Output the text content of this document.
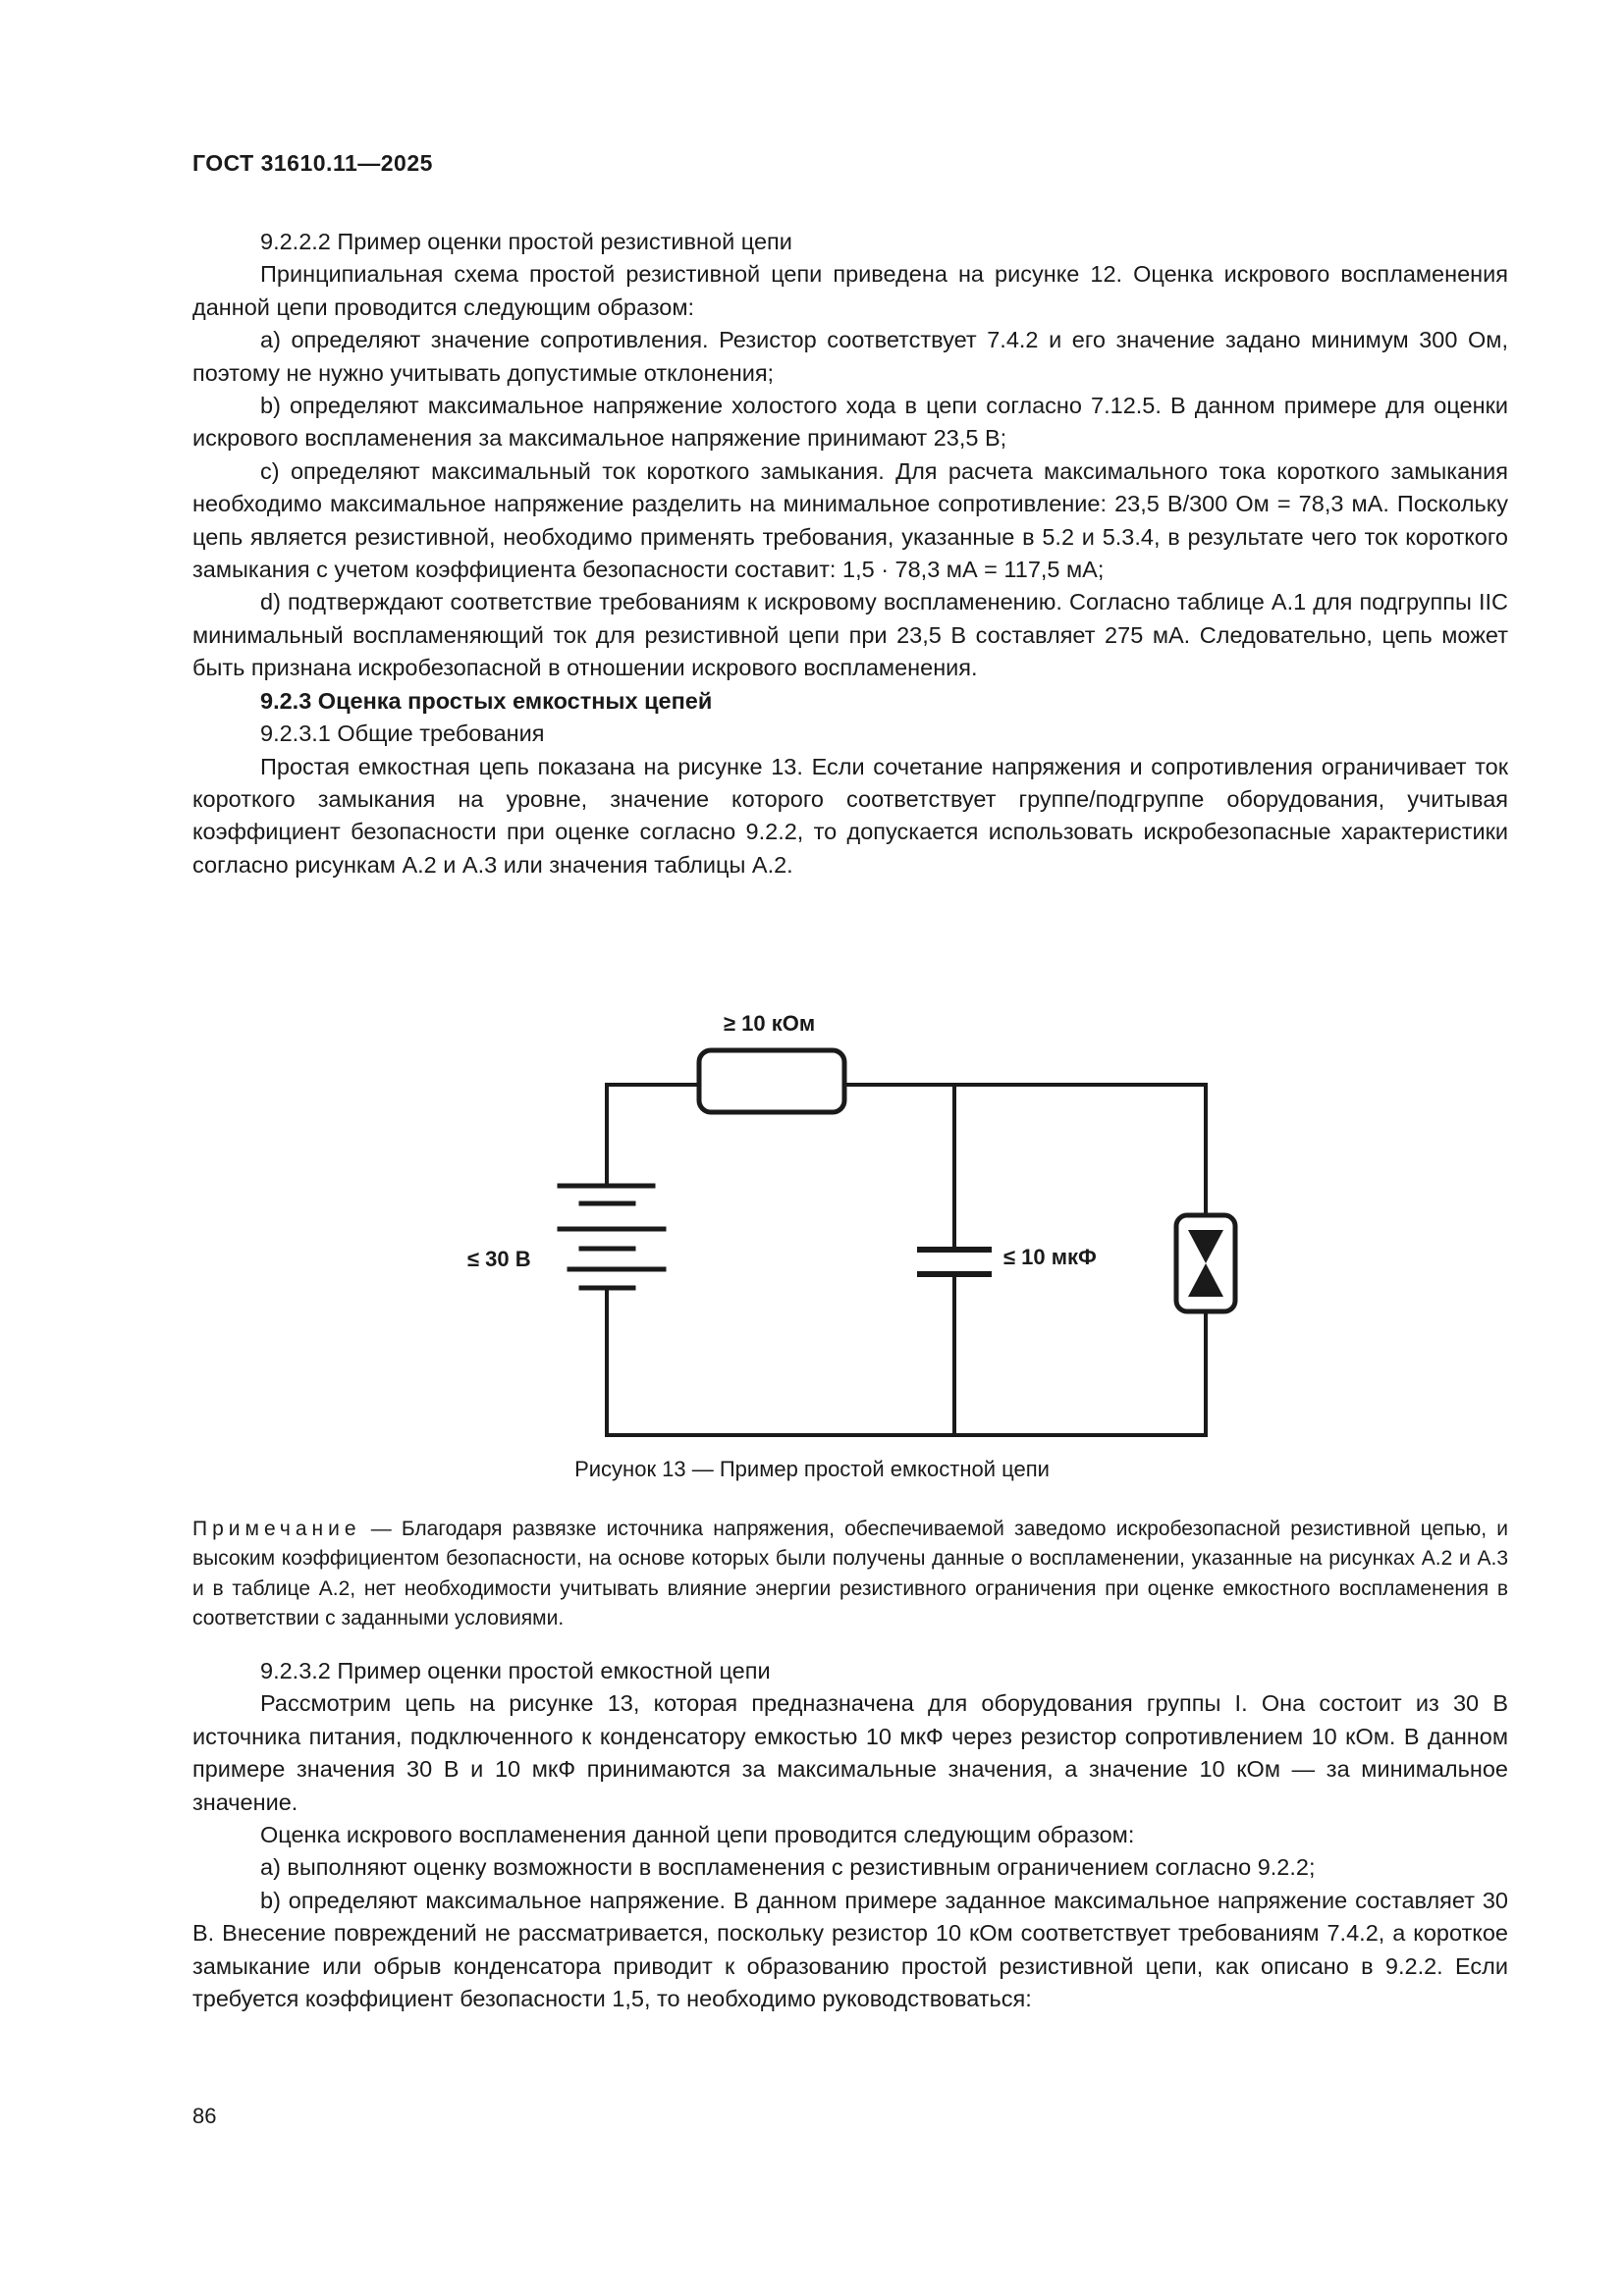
ГОСТ 31610.11—2025

9.2.2.2 Пример оценки простой резистивной цепи

Принципиальная схема простой резистивной цепи приведена на рисунке 12. Оценка искрового воспламенения данной цепи проводится следующим образом:

a) определяют значение сопротивления. Резистор соответствует 7.4.2 и его значение задано минимум 300 Ом, поэтому не нужно учитывать допустимые отклонения;

b) определяют максимальное напряжение холостого хода в цепи согласно 7.12.5. В данном примере для оценки искрового воспламенения за максимальное напряжение принимают 23,5 В;

c) определяют максимальный ток короткого замыкания. Для расчета максимального тока короткого замыкания необходимо максимальное напряжение разделить на минимальное сопротивление: 23,5 В/300 Ом = 78,3 мА. Поскольку цепь является резистивной, необходимо применять требования, указанные в 5.2 и 5.3.4, в результате чего ток короткого замыкания с учетом коэффициента безопасности составит: 1,5 · 78,3 мА = 117,5 мА;

d) подтверждают соответствие требованиям к искровому воспламенению. Согласно таблице А.1 для подгруппы IIC минимальный воспламеняющий ток для резистивной цепи при 23,5 В составляет 275 мА. Следовательно, цепь может быть признана искробезопасной в отношении искрового воспламенения.

9.2.3 Оценка простых емкостных цепей

9.2.3.1 Общие требования

Простая емкостная цепь показана на рисунке 13. Если сочетание напряжения и сопротивления ограничивает ток короткого замыкания на уровне, значение которого соответствует группе/подгруппе оборудования, учитывая коэффициент безопасности при оценке согласно 9.2.2, то допускается использовать искробезопасные характеристики согласно рисункам А.2 и А.3 или значения таблицы А.2.

≥ 10 кОм
≤ 30 В	≤ 10 мкФ
Рисунок 13 — Пример простой емкостной цепи
Примечание — Благодаря развязке источника напряжения, обеспечиваемой заведомо искробезопасной резистивной цепью, и высоким коэффициентом безопасности, на основе которых были получены данные о воспламенении, указанные на рисунках А.2 и А.3 и в таблице А.2, нет необходимости учитывать влияние энергии резистивного ограничения при оценке емкостного воспламенения в соответствии с заданными условиями.

9.2.3.2 Пример оценки простой емкостной цепи

Рассмотрим цепь на рисунке 13, которая предназначена для оборудования группы I. Она состоит из 30 В источника питания, подключенного к конденсатору емкостью 10 мкФ через резистор сопротивлением 10 кОм. В данном примере значения 30 В и 10 мкФ принимаются за максимальные значения, а значение 10 кОм — за минимальное значение.

Оценка искрового воспламенения данной цепи проводится следующим образом:

a) выполняют оценку возможности в воспламенения с резистивным ограничением согласно 9.2.2;

b) определяют максимальное напряжение. В данном примере заданное максимальное напряжение составляет 30 В. Внесение повреждений не рассматривается, поскольку резистор 10 кОм соответствует требованиям 7.4.2, а короткое замыкание или обрыв конденсатора приводит к образованию простой резистивной цепи, как описано в 9.2.2. Если требуется коэффициент безопасности 1,5, то необходимо руководствоваться:

86
